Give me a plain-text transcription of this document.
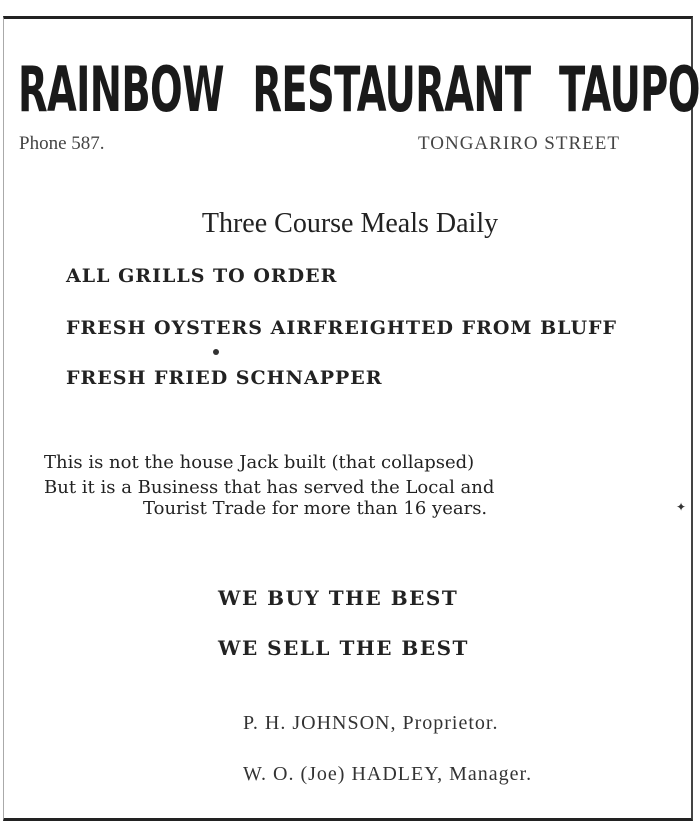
RAINBOW RESTAURANT TAUPO
Phone 587.	TONGARIRO STREET
Three Course Meals Daily
ALL GRILLS TO ORDER
FRESH OYSTERS AIRFREIGHTED FROM BLUFF
FRESH FRIED SCHNAPPER
This is not the house Jack built (that collapsed)
But it is a Business that has served the Local and
Tourist Trade for more than 16 years.
WE BUY THE BEST
WE SELL THE BEST
P. H. JOHNSON, Proprietor.
W. O. (Joe) HADLEY, Manager.
✦
